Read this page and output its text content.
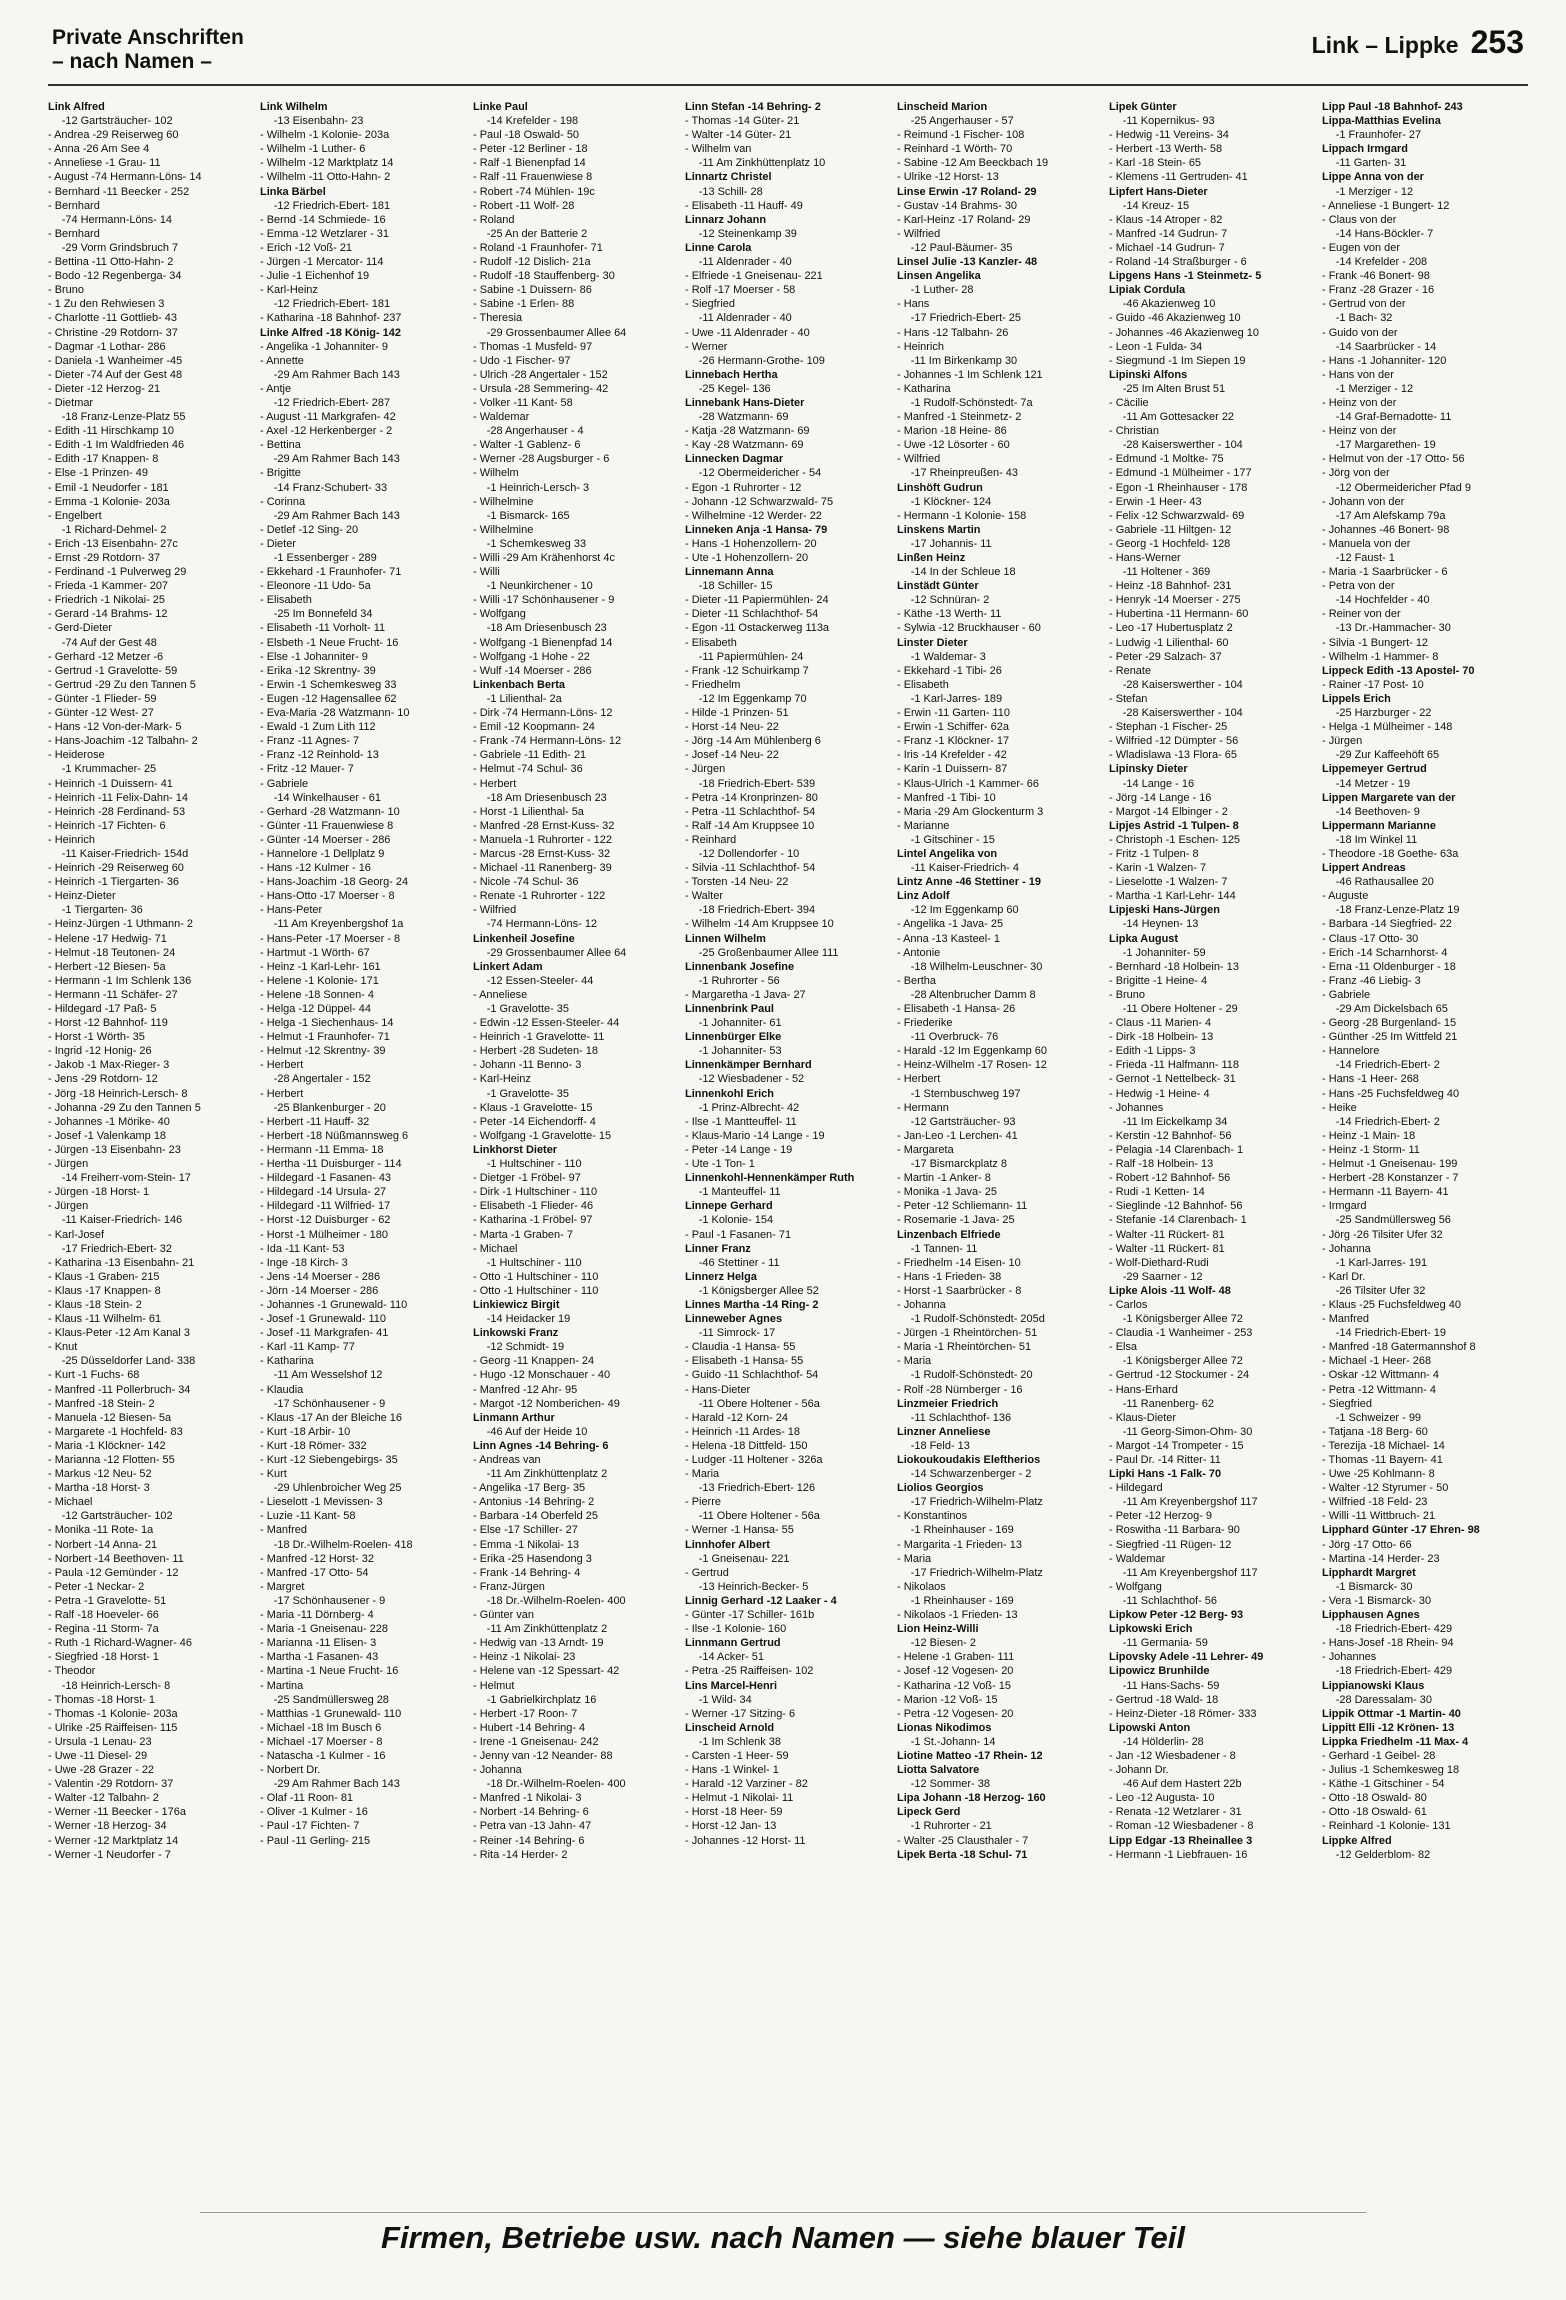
Private Anschriften
– nach Namen –
Link – Lippke 253
Link Alfred
-12 Gartsträucher- 102
- Andrea -29 Reiserweg 60
- Anna -26 Am See 4
- Anneliese -1 Grau- 11
- August -74 Hermann-Löns- 14
- Bernhard -11 Beecker - 252
- Bernhard
-74 Hermann-Löns- 14
- Bernhard
-29 Vorm Grindsbruch 7
- Bettina -11 Otto-Hahn- 2
- Bodo -12 Regenberga- 34
- Bruno
- 1 Zu den Rehwiesen 3
- Charlotte -11 Gottlieb- 43
- Christine -29 Rotdorn- 37
- Dagmar -1 Lothar- 286
- Daniela -1 Wanheimer -45
- Dieter -74 Auf der Gest 48
- Dieter -12 Herzog- 21
- Dietmar
-18 Franz-Lenze-Platz 55
- Edith -11 Hirschkamp 10
- Edith -1 Im Waldfrieden 46
- Edith -17 Knappen- 8
- Else -1 Prinzen- 49
- Emil -1 Neudorfer - 181
- Emma -1 Kolonie- 203a
- Engelbert
-1 Richard-Dehmel- 2
- Erich -13 Eisenbahn- 27c
- Ernst -29 Rotdorn- 37
- Ferdinand -1 Pulverweg 29
- Frieda -1 Kammer- 207
- Friedrich -1 Nikolai- 25
- Gerard -14 Brahms- 12
- Gerd-Dieter
-74 Auf der Gest 48
- Gerhard -12 Metzer -6
- Gertrud -1 Gravelotte- 59
- Gertrud -29 Zu den Tannen 5
- Günter -1 Flieder- 59
- Günter -12 West- 27
- Hans -12 Von-der-Mark- 5
- Hans-Joachim -12 Talbahn- 2
- Heiderose
-1 Krummacher- 25
- Heinrich -1 Duissern- 41
- Heinrich -11 Felix-Dahn- 14
- Heinrich -28 Ferdinand- 53
- Heinrich -17 Fichten- 6
- Heinrich
-11 Kaiser-Friedrich- 154d
- Heinrich -29 Reiserweg 60
- Heinrich -1 Tiergarten- 36
- Heinz-Dieter
-1 Tiergarten- 36
- Heinz-Jürgen -1 Uthmann- 2
- Helene -17 Hedwig- 71
- Helmut -18 Teutonen- 24
- Herbert -12 Biesen- 5a
- Hermann -1 Im Schlenk 136
- Hermann -11 Schäfer- 27
- Hildegard -17 Paß- 5
- Horst -12 Bahnhof- 119
- Horst -1 Wörth- 35
- Ingrid -12 Honig- 26
- Jakob -1 Max-Rieger- 3
- Jens -29 Rotdorn- 12
- Jörg -18 Heinrich-Lersch- 8
- Johanna -29 Zu den Tannen 5
- Johannes -1 Mörike- 40
- Josef -1 Valenkamp 18
- Jürgen -13 Eisenbahn- 23
- Jürgen
-14 Freiherr-vom-Stein- 17
- Jürgen -18 Horst- 1
- Jürgen
-11 Kaiser-Friedrich- 146
- Karl-Josef
-17 Friedrich-Ebert- 32
- Katharina -13 Eisenbahn- 21
- Klaus -1 Graben- 215
- Klaus -17 Knappen- 8
- Klaus -18 Stein- 2
- Klaus -11 Wilhelm- 61
- Klaus-Peter -12 Am Kanal 3
- Knut
-25 Düsseldorfer Land- 338
- Kurt -1 Fuchs- 68
- Manfred -11 Pollerbruch- 34
- Manfred -18 Stein- 2
- Manuela -12 Biesen- 5a
- Margarete -1 Hochfeld- 83
- Maria -1 Klöckner- 142
- Marianna -12 Flotten- 55
- Markus -12 Neu- 52
- Martha -18 Horst- 3
- Michael
-12 Gartsträucher- 102
- Monika -11 Rote- 1a
- Norbert -14 Anna- 21
- Norbert -14 Beethoven- 11
- Paula -12 Gemünder - 12
- Peter -1 Neckar- 2
- Petra -1 Gravelotte- 51
- Ralf -18 Hoeveler- 66
- Regina -11 Storm- 7a
- Ruth -1 Richard-Wagner- 46
- Siegfried -18 Horst- 1
- Theodor
-18 Heinrich-Lersch- 8
- Thomas -18 Horst- 1
- Thomas -1 Kolonie- 203a
- Ulrike -25 Raiffeisen- 115
- Ursula -1 Lenau- 23
- Uwe -11 Diesel- 29
- Uwe -28 Grazer - 22
- Valentin -29 Rotdorn- 37
- Walter -12 Talbahn- 2
- Werner -11 Beecker - 176a
- Werner -18 Herzog- 34
- Werner -12 Marktplatz 14
- Werner -1 Neudorfer - 7
Link Wilhelm
-13 Eisenbahn- 23
- Wilhelm -1 Kolonie- 203a
- Wilhelm -1 Luther- 6
- Wilhelm -12 Marktplatz 14
- Wilhelm -11 Otto-Hahn- 2
Linka Bärbel
-12 Friedrich-Ebert- 181
- Bernd -14 Schmiede- 16
- Emma -12 Wetzlarer - 31
- Erich -12 Voß- 21
- Jürgen -1 Mercator- 114
- Julie -1 Eichenhof 19
- Karl-Heinz
-12 Friedrich-Ebert- 181
- Katharina -18 Bahnhof- 237
Linke Alfred -18 König- 142
- Angelika -1 Johanniter- 9
- Annette
-29 Am Rahmer Bach 143
- Antje
-12 Friedrich-Ebert- 287
- August -11 Markgrafen- 42
- Axel -12 Herkenberger - 2
- Bettina
-29 Am Rahmer Bach 143
- Brigitte
-14 Franz-Schubert- 33
- Corinna
-29 Am Rahmer Bach 143
- Detlef -12 Sing- 20
- Dieter
-1 Essenberger - 289
- Ekkehard -1 Fraunhofer- 71
- Eleonore -11 Udo- 5a
- Elisabeth
-25 Im Bonnefeld 34
- Elisabeth -11 Vorholt- 11
- Elsbeth -1 Neue Frucht- 16
- Else -1 Johanniter- 9
- Erika -12 Skrentny- 39
- Erwin -1 Schemkesweg 33
- Eugen -12 Hagensallee 62
- Eva-Maria -28 Watzmann- 10
- Ewald -1 Zum Lith 112
- Franz -11 Agnes- 7
- Franz -12 Reinhold- 13
- Fritz -12 Mauer- 7
- Gabriele
-14 Winkelhauser - 61
- Gerhard -28 Watzmann- 10
- Günter -11 Frauenwiese 8
- Günter -14 Moerser - 286
- Hannelore -1 Dellplatz 9
- Hans -12 Kulmer - 16
- Hans-Joachim -18 Georg- 24
- Hans-Otto -17 Moerser - 8
- Hans-Peter
-11 Am Kreyenbergshof 1a
- Hans-Peter -17 Moerser - 8
- Hartmut -1 Wörth- 67
- Heinz -1 Karl-Lehr- 161
- Helene -1 Kolonie- 171
- Helene -18 Sonnen- 4
- Helga -12 Düppel- 44
- Helga -1 Siechenhaus- 14
- Helmut -1 Fraunhofer- 71
- Helmut -12 Skrentny- 39
- Herbert
-28 Angertaler - 152
- Herbert
-25 Blankenburger - 20
- Herbert -11 Hauff- 32
- Herbert -18 Nüßmannsweg 6
- Hermann -11 Emma- 18
- Hertha -11 Duisburger - 114
- Hildegard -1 Fasanen- 43
- Hildegard -14 Ursula- 27
- Hildegard -11 Wilfried- 17
- Horst -12 Duisburger - 62
- Horst -1 Mülheimer - 180
- Ida -11 Kant- 53
- Inge -18 Kirch- 3
- Jens -14 Moerser - 286
- Jörn -14 Moerser - 286
- Johannes -1 Grunewald- 110
- Josef -1 Grunewald- 110
- Josef -11 Markgrafen- 41
- Karl -11 Kamp- 77
- Katharina
-11 Am Wesselshof 12
- Klaudia
-17 Schönhausener - 9
- Klaus -17 An der Bleiche 16
- Kurt -18 Arbir- 10
- Kurt -18 Römer- 332
- Kurt -12 Siebengebirgs- 35
- Kurt
-29 Uhlenbroicher Weg 25
- Lieselott -1 Mevissen- 3
- Luzie -11 Kant- 58
- Manfred
-18 Dr.-Wilhelm-Roelen- 418
- Manfred -12 Horst- 32
- Manfred -17 Otto- 54
- Margret
-17 Schönhausener - 9
- Maria -11 Dörnberg- 4
- Maria -1 Gneisenau- 228
- Marianna -11 Elisen- 3
- Martha -1 Fasanen- 43
- Martina -1 Neue Frucht- 16
- Martina
-25 Sandmüllersweg 28
- Matthias -1 Grunewald- 110
- Michael -18 Im Busch 6
- Michael -17 Moerser - 8
- Natascha -1 Kulmer - 16
- Norbert Dr.
-29 Am Rahmer Bach 143
- Olaf -11 Roon- 81
- Oliver -1 Kulmer - 16
- Paul -17 Fichten- 7
- Paul -11 Gerling- 215
Linke Paul
-14 Krefelder - 198
- Paul -18 Oswald- 50
- Peter -12 Berliner - 18
- Ralf -1 Bienenpfad 14
- Ralf -11 Frauenwiese 8
- Robert -74 Mühlen- 19c
- Robert -11 Wolf- 28
- Roland
-25 An der Batterie 2
- Roland -1 Fraunhofer- 71
- Rudolf -12 Dislich- 21a
- Rudolf -18 Stauffenberg- 30
- Sabine -1 Duissern- 86
- Sabine -1 Erlen- 88
- Theresia
-29 Grossenbaumer Allee 64
- Thomas -1 Musfeld- 97
- Udo -1 Fischer- 97
- Ulrich -28 Angertaler - 152
- Ursula -28 Semmering- 42
- Volker -11 Kant- 58
- Waldemar
-28 Angerhauser - 4
- Walter -1 Gablenz- 6
- Werner -28 Augsburger - 6
- Wilhelm
-1 Heinrich-Lersch- 3
- Wilhelmine
-1 Bismarck- 165
- Wilhelmine
-1 Schemkesweg 33
- Willi -29 Am Krähenhorst 4c
- Willi
-1 Neunkirchener - 10
- Willi -17 Schönhausener - 9
- Wolfgang
-18 Am Driesenbusch 23
- Wolfgang -1 Bienenpfad 14
- Wolfgang -1 Hohe - 22
- Wulf -14 Moerser - 286
Linkenbach Berta
-1 Lilienthal- 2a
- Dirk -74 Hermann-Löns- 12
- Emil -12 Koopmann- 24
- Frank -74 Hermann-Löns- 12
- Gabriele -11 Edith- 21
- Helmut -74 Schul- 36
- Herbert
-18 Am Driesenbusch 23
- Horst -1 Lilienthal- 5a
- Manfred -28 Ernst-Kuss- 32
- Manuela -1 Ruhrorter - 122
- Marcus -28 Ernst-Kuss- 32
- Michael -11 Ranenberg- 39
- Nicole -74 Schul- 36
- Renate -1 Ruhrorter - 122
- Wilfried
-74 Hermann-Löns- 12
Linkenheil Josefine
-29 Grossenbaumer Allee 64
Linkert Adam
-12 Essen-Steeler- 44
- Anneliese
-1 Gravelotte- 35
- Edwin -12 Essen-Steeler- 44
- Heinrich -1 Gravelotte- 11
- Herbert -28 Sudeten- 18
- Johann -11 Benno- 3
- Karl-Heinz
-1 Gravelotte- 35
- Klaus -1 Gravelotte- 15
- Peter -14 Eichendorff- 4
- Wolfgang -1 Gravelotte- 15
Linkhorst Dieter
-1 Hultschiner - 110
- Dietger -1 Fröbel- 97
- Dirk -1 Hultschiner - 110
- Elisabeth -1 Flieder- 46
- Katharina -1 Fröbel- 97
- Marta -1 Graben- 7
- Michael
-1 Hultschiner - 110
- Otto -1 Hultschiner - 110
- Otto -1 Hultschiner - 110
Linkiewicz Birgit
-14 Heidacker 19
Linkowski Franz
-12 Schmidt- 19
- Georg -11 Knappen- 24
- Hugo -12 Monschauer - 40
- Manfred -12 Ahr- 95
- Margot -12 Nomberichen- 49
Linmann Arthur
-46 Auf der Heide 10
Linn Agnes -14 Behring- 6
- Andreas van
-11 Am Zinkhüttenplatz 2
- Angelika -17 Berg- 35
- Antonius -14 Behring- 2
- Barbara -14 Oberfeld 25
- Else -17 Schiller- 27
- Emma -1 Nikolai- 13
- Erika -25 Hasendong 3
- Frank -14 Behring- 4
- Franz-Jürgen
-18 Dr.-Wilhelm-Roelen- 400
- Günter van
-11 Am Zinkhüttenplatz 2
- Hedwig van -13 Arndt- 19
- Heinz -1 Nikolai- 23
- Helene van -12 Spessart- 42
- Helmut
-1 Gabrielkirchplatz 16
- Herbert -17 Roon- 7
- Hubert -14 Behring- 4
- Irene -1 Gneisenau- 242
- Jenny van -12 Neander- 88
- Johanna
-18 Dr.-Wilhelm-Roelen- 400
- Manfred -1 Nikolai- 3
- Norbert -14 Behring- 6
- Petra van -13 Jahn- 47
- Reiner -14 Behring- 6
- Rita -14 Herder- 2
Linn Stefan -14 Behring- 2
- Thomas -14 Güter- 21
- Walter -14 Güter- 21
- Wilhelm van
-11 Am Zinkhüttenplatz 10
Linnartz Christel
-13 Schill- 28
- Elisabeth -11 Hauff- 49
Linnarz Johann
-12 Steinenkamp 39
Linne Carola
-11 Aldenrader - 40
- Elfriede -1 Gneisenau- 221
- Rolf -17 Moerser - 58
- Siegfried
-11 Aldenrader - 40
- Uwe -11 Aldenrader - 40
- Werner
-26 Hermann-Grothe- 109
Linnebach Hertha
-25 Kegel- 136
Linnebank Hans-Dieter
-28 Watzmann- 69
- Katja -28 Watzmann- 69
- Kay -28 Watzmann- 69
Linnecken Dagmar
-12 Obermeidericher - 54
- Egon -1 Ruhrorter - 12
- Johann -12 Schwarzwald- 75
- Wilhelmine -12 Werder- 22
Linneken Anja -1 Hansa- 79
- Hans -1 Hohenzollern- 20
- Ute -1 Hohenzollern- 20
Linnemann Anna
-18 Schiller- 15
- Dieter -11 Papiermühlen- 24
- Dieter -11 Schlachthof- 54
- Egon -11 Ostackerweg 113a
- Elisabeth
-11 Papiermühlen- 24
- Frank -12 Schuirkamp 7
- Friedhelm
-12 Im Eggenkamp 70
- Hilde -1 Prinzen- 51
- Horst -14 Neu- 22
- Jörg -14 Am Mühlenberg 6
- Josef -14 Neu- 22
- Jürgen
-18 Friedrich-Ebert- 539
- Petra -14 Kronprinzen- 80
- Petra -11 Schlachthof- 54
- Ralf -14 Am Kruppsee 10
- Reinhard
-12 Dollendorfer - 10
- Silvia -11 Schlachthof- 54
- Torsten -14 Neu- 22
- Walter
-18 Friedrich-Ebert- 394
- Wilhelm -14 Am Kruppsee 10
Linnen Wilhelm
-25 Großenbaumer Allee 111
Linnenbank Josefine
-1 Ruhrorter - 56
- Margaretha -1 Java- 27
Linnenbrink Paul
-1 Johanniter- 61
Linnenbürger Elke
-1 Johanniter- 53
Linnenkämper Bernhard
-12 Wiesbadener - 52
Linnenkohl Erich
-1 Prinz-Albrecht- 42
- Ilse -1 Mantteuffel- 11
- Klaus-Mario -14 Lange - 19
- Peter -14 Lange - 19
- Ute -1 Ton- 1
Linnenkohl-Hennenkämper Ruth
-1 Manteuffel- 11
Linnepe Gerhard
-1 Kolonie- 154
- Paul -1 Fasanen- 71
Linner Franz
-46 Stettiner - 11
Linnerz Helga
-1 Königsberger Allee 52
Linnes Martha -14 Ring- 2
Linneweber Agnes
-11 Simrock- 17
- Claudia -1 Hansa- 55
- Elisabeth -1 Hansa- 55
- Guido -11 Schlachthof- 54
- Hans-Dieter
-11 Obere Holtener - 56a
- Harald -12 Korn- 24
- Heinrich -11 Ardes- 18
- Helena -18 Dittfeld- 150
- Ludger -11 Holtener - 326a
- Maria
-13 Friedrich-Ebert- 126
- Pierre
-11 Obere Holtener - 56a
- Werner -1 Hansa- 55
Linnhofer Albert
-1 Gneisenau- 221
- Gertrud
-13 Heinrich-Becker- 5
Linnig Gerhard -12 Laaker - 4
- Günter -17 Schiller- 161b
- Ilse -1 Kolonie- 160
Linnmann Gertrud
-14 Acker- 51
- Petra -25 Raiffeisen- 102
Lins Marcel-Henri
-1 Wild- 34
- Werner -17 Sitzing- 6
Linscheid Arnold
-1 Im Schlenk 38
- Carsten -1 Heer- 59
- Hans -1 Winkel- 1
- Harald -12 Varziner - 82
- Helmut -1 Nikolai- 11
- Horst -18 Heer- 59
- Horst -12 Jan- 13
- Johannes -12 Horst- 11
Linscheid Marion
-25 Angerhauser - 57
- Reimund -1 Fischer- 108
- Reinhard -1 Wörth- 70
- Sabine -12 Am Beeckbach 19
- Ulrike -12 Horst- 13
Linse Erwin -17 Roland- 29
- Gustav -14 Brahms- 30
- Karl-Heinz -17 Roland- 29
- Wilfried
-12 Paul-Bäumer- 35
Linsel Julie -13 Kanzler- 48
Linsen Angelika
-1 Luther- 28
- Hans
-17 Friedrich-Ebert- 25
- Hans -12 Talbahn- 26
- Heinrich
-11 Im Birkenkamp 30
- Johannes -1 Im Schlenk 121
- Katharina
-1 Rudolf-Schönstedt- 7a
- Manfred -1 Steinmetz- 2
- Marion -18 Heine- 86
- Uwe -12 Lösorter - 60
- Wilfried
-17 Rheinpreußen- 43
Linshöft Gudrun
-1 Klöckner- 124
- Hermann -1 Kolonie- 158
Linskens Martin
-17 Johannis- 11
Linßen Heinz
-14 In der Schleue 18
Linstädt Günter
-12 Schnüran- 2
- Käthe -13 Werth- 11
- Sylwia -12 Bruckhauser - 60
Linster Dieter
-1 Waldemar- 3
- Ekkehard -1 Tibi- 26
- Elisabeth
-1 Karl-Jarres- 189
- Erwin -11 Garten- 110
- Erwin -1 Schiffer- 62a
- Franz -1 Klöckner- 17
- Iris -14 Krefelder - 42
- Karin -1 Duissern- 87
- Klaus-Ulrich -1 Kammer- 66
- Manfred -1 Tibi- 10
- Maria -29 Am Glockenturm 3
- Marianne
-1 Gitschiner - 15
Lintel Angelika von
-11 Kaiser-Friedrich- 4
Lintz Anne -46 Stettiner - 19
Linz Adolf
-12 Im Eggenkamp 60
- Angelika -1 Java- 25
- Anna -13 Kasteel- 1
- Antonie
-18 Wilhelm-Leuschner- 30
- Bertha
-28 Altenbrucher Damm 8
- Elisabeth -1 Hansa- 26
- Friederike
-11 Overbruck- 76
- Harald -12 Im Eggenkamp 60
- Heinz-Wilhelm -17 Rosen- 12
- Herbert
-1 Sternbuschweg 197
- Hermann
-12 Gartsträucher- 93
- Jan-Leo -1 Lerchen- 41
- Margareta
-17 Bismarckplatz 8
- Martin -1 Anker- 8
- Monika -1 Java- 25
- Peter -12 Schliemann- 11
- Rosemarie -1 Java- 25
Linzenbach Elfriede
-1 Tannen- 11
- Friedhelm -14 Eisen- 10
- Hans -1 Frieden- 38
- Horst -1 Saarbrücker - 8
- Johanna
-1 Rudolf-Schönstedt- 205d
- Jürgen -1 Rheintörchen- 51
- Maria -1 Rheintörchen- 51
- Maria
-1 Rudolf-Schönstedt- 20
- Rolf -28 Nürnberger - 16
Linzmeier Friedrich
-11 Schlachthof- 136
Linzner Anneliese
-18 Feld- 13
Liokoukoudakis Eleftherios
-14 Schwarzenberger - 2
Liolios Georgios
-17 Friedrich-Wilhelm-Platz
- Konstantinos
-1 Rheinhauser - 169
- Margarita -1 Frieden- 13
- Maria
-17 Friedrich-Wilhelm-Platz
- Nikolaos
-1 Rheinhauser - 169
- Nikolaos -1 Frieden- 13
Lion Heinz-Willi
-12 Biesen- 2
- Helene -1 Graben- 111
- Josef -12 Vogesen- 20
- Katharina -12 Voß- 15
- Marion -12 Voß- 15
- Petra -12 Vogesen- 20
Lionas Nikodimos
-1 St.-Johann- 14
Liotine Matteo -17 Rhein- 12
Liotta Salvatore
-12 Sommer- 38
Lipa Johann -18 Herzog- 160
Lipeck Gerd
-1 Ruhrorter - 21
- Walter -25 Clausthaler - 7
Lipek Berta -18 Schul- 71
Lipek Günter
-11 Kopernikus- 93
- Hedwig -11 Vereins- 34
- Herbert -13 Werth- 58
- Karl -18 Stein- 65
- Klemens -11 Gertruden- 41
Lipfert Hans-Dieter
-14 Kreuz- 15
- Klaus -14 Atroper - 82
- Manfred -14 Gudrun- 7
- Michael -14 Gudrun- 7
- Roland -14 Straßburger - 6
Lipgens Hans -1 Steinmetz- 5
Lipiak Cordula
-46 Akazienweg 10
- Guido -46 Akazienweg 10
- Johannes -46 Akazienweg 10
- Leon -1 Fulda- 34
- Siegmund -1 Im Siepen 19
Lipinski Alfons
-25 Im Alten Brust 51
- Cäcilie
-11 Am Gottesacker 22
- Christian
-28 Kaiserswerther - 104
- Edmund -1 Moltke- 75
- Edmund -1 Mülheimer - 177
- Egon -1 Rheinhauser - 178
- Erwin -1 Heer- 43
- Felix -12 Schwarzwald- 69
- Gabriele -11 Hiltgen- 12
- Georg -1 Hochfeld- 128
- Hans-Werner
-11 Holtener - 369
- Heinz -18 Bahnhof- 231
- Henryk -14 Moerser - 275
- Hubertina -11 Hermann- 60
- Leo -17 Hubertusplatz 2
- Ludwig -1 Lilienthal- 60
- Peter -29 Salzach- 37
- Renate
-28 Kaiserswerther - 104
- Stefan
-28 Kaiserswerther - 104
- Stephan -1 Fischer- 25
- Wilfried -12 Dümpter - 56
- Wladislawa -13 Flora- 65
Lipinsky Dieter
-14 Lange - 16
- Jörg -14 Lange - 16
- Margot -14 Elbinger - 2
Lipjes Astrid -1 Tulpen- 8
- Christoph -1 Eschen- 125
- Fritz -1 Tulpen- 8
- Karin -1 Walzen- 7
- Lieselotte -1 Walzen- 7
- Martha -1 Karl-Lehr- 144
Lipjeski Hans-Jürgen
-14 Heynen- 13
Lipka August
-1 Johanniter- 59
- Bernhard -18 Holbein- 13
- Brigitte -1 Heine- 4
- Bruno
-11 Obere Holtener - 29
- Claus -11 Marien- 4
- Dirk -18 Holbein- 13
- Edith -1 Lipps- 3
- Frieda -11 Halfmann- 118
- Gernot -1 Nettelbeck- 31
- Hedwig -1 Heine- 4
- Johannes
-11 Im Eickelkamp 34
- Kerstin -12 Bahnhof- 56
- Pelagia -14 Clarenbach- 1
- Ralf -18 Holbein- 13
- Robert -12 Bahnhof- 56
- Rudi -1 Ketten- 14
- Sieglinde -12 Bahnhof- 56
- Stefanie -14 Clarenbach- 1
- Walter -11 Rückert- 81
- Walter -11 Rückert- 81
- Wolf-Diethard-Rudi
-29 Saarner - 12
Lipke Alois -11 Wolf- 48
- Carlos
-1 Königsberger Allee 72
- Claudia -1 Wanheimer - 253
- Elsa
-1 Königsberger Allee 72
- Gertrud -12 Stockumer - 24
- Hans-Erhard
-11 Ranenberg- 62
- Klaus-Dieter
-11 Georg-Simon-Ohm- 30
- Margot -14 Trompeter - 15
- Paul Dr. -14 Ritter- 11
Lipki Hans -1 Falk- 70
- Hildegard
-11 Am Kreyenbergshof 117
- Peter -12 Herzog- 9
- Roswitha -11 Barbara- 90
- Siegfried -11 Rügen- 12
- Waldemar
-11 Am Kreyenbergshof 117
- Wolfgang
-11 Schlachthof- 56
Lipkow Peter -12 Berg- 93
Lipkowski Erich
-11 Germania- 59
Lipovsky Adele -11 Lehrer- 49
Lipowicz Brunhilde
-11 Hans-Sachs- 59
- Gertrud -18 Wald- 18
- Heinz-Dieter -18 Römer- 333
Lipowski Anton
-14 Hölderlin- 28
- Jan -12 Wiesbadener - 8
- Johann Dr.
-46 Auf dem Hastert 22b
- Leo -12 Augusta- 10
- Renata -12 Wetzlarer - 31
- Roman -12 Wiesbadener - 8
Lipp Edgar -13 Rheinallee 3
- Hermann -1 Liebfrauen- 16
Lipp Paul -18 Bahnhof- 243
Lippa-Matthias Evelina
-1 Fraunhofer- 27
Lippach Irmgard
-11 Garten- 31
Lippe Anna von der
-1 Merziger - 12
- Anneliese -1 Bungert- 12
- Claus von der
-14 Hans-Böckler- 7
- Eugen von der
-14 Krefelder - 208
- Frank -46 Bonert- 98
- Franz -28 Grazer - 16
- Gertrud von der
-1 Bach- 32
- Guido von der
-14 Saarbrücker - 14
- Hans -1 Johanniter- 120
- Hans von der
-1 Merziger - 12
- Heinz von der
-14 Graf-Bernadotte- 11
- Heinz von der
-17 Margarethen- 19
- Helmut von der -17 Otto- 56
- Jörg von der
-12 Obermeidericher Pfad 9
- Johann von der
-17 Am Alefskamp 79a
- Johannes -46 Bonert- 98
- Manuela von der
-12 Faust- 1
- Maria -1 Saarbrücker - 6
- Petra von der
-14 Hochfelder - 40
- Reiner von der
-13 Dr.-Hammacher- 30
- Silvia -1 Bungert- 12
- Wilhelm -1 Hammer- 8
Lippeck Edith -13 Apostel- 70
- Rainer -17 Post- 10
Lippels Erich
-25 Harzburger - 22
- Helga -1 Mülheimer - 148
- Jürgen
-29 Zur Kaffeehöft 65
Lippemeyer Gertrud
-14 Metzer - 19
Lippen Margarete van der
-14 Beethoven- 9
Lippermann Marianne
-18 Im Winkel 11
- Theodore -18 Goethe- 63a
Lippert Andreas
-46 Rathausallee 20
- Auguste
-18 Franz-Lenze-Platz 19
- Barbara -14 Siegfried- 22
- Claus -17 Otto- 30
- Erich -14 Scharnhorst- 4
- Erna -11 Oldenburger - 18
- Franz -46 Liebig- 3
- Gabriele
-29 Am Dickelsbach 65
- Georg -28 Burgenland- 15
- Günther -25 Im Wittfeld 21
- Hannelore
-14 Friedrich-Ebert- 2
- Hans -1 Heer- 268
- Hans -25 Fuchsfeldweg 40
- Heike
-14 Friedrich-Ebert- 2
- Heinz -1 Main- 18
- Heinz -1 Storm- 11
- Helmut -1 Gneisenau- 199
- Herbert -28 Konstanzer - 7
- Hermann -11 Bayern- 41
- Irmgard
-25 Sandmüllersweg 56
- Jörg -26 Tilsiter Ufer 32
- Johanna
-1 Karl-Jarres- 191
- Karl Dr.
-26 Tilsiter Ufer 32
- Klaus -25 Fuchsfeldweg 40
- Manfred
-14 Friedrich-Ebert- 19
- Manfred -18 Gatermannshof 8
- Michael -1 Heer- 268
- Oskar -12 Wittmann- 4
- Petra -12 Wittmann- 4
- Siegfried
-1 Schweizer - 99
- Tatjana -18 Berg- 60
- Terezija -18 Michael- 14
- Thomas -11 Bayern- 41
- Uwe -25 Kohlmann- 8
- Walter -12 Styrumer - 50
- Wilfried -18 Feld- 23
- Willi -11 Wittbruch- 21
Lipphard Günter -17 Ehren- 98
- Jörg -17 Otto- 66
- Martina -14 Herder- 23
Lipphardt Margret
-1 Bismarck- 30
- Vera -1 Bismarck- 30
Lipphausen Agnes
-18 Friedrich-Ebert- 429
- Hans-Josef -18 Rhein- 94
- Johannes
-18 Friedrich-Ebert- 429
Lippianowski Klaus
-28 Daressalam- 30
Lippik Ottmar -1 Martin- 40
Lippitt Elli -12 Krönen- 13
Lippka Friedhelm -11 Max- 4
- Gerhard -1 Geibel- 28
- Julius -1 Schemkesweg 18
- Käthe -1 Gitschiner - 54
- Otto -18 Oswald- 80
- Otto -18 Oswald- 61
- Reinhard -1 Kolonie- 131
Lippke Alfred
-12 Gelderblom- 82
Firmen, Betriebe usw. nach Namen — siehe blauer Teil
